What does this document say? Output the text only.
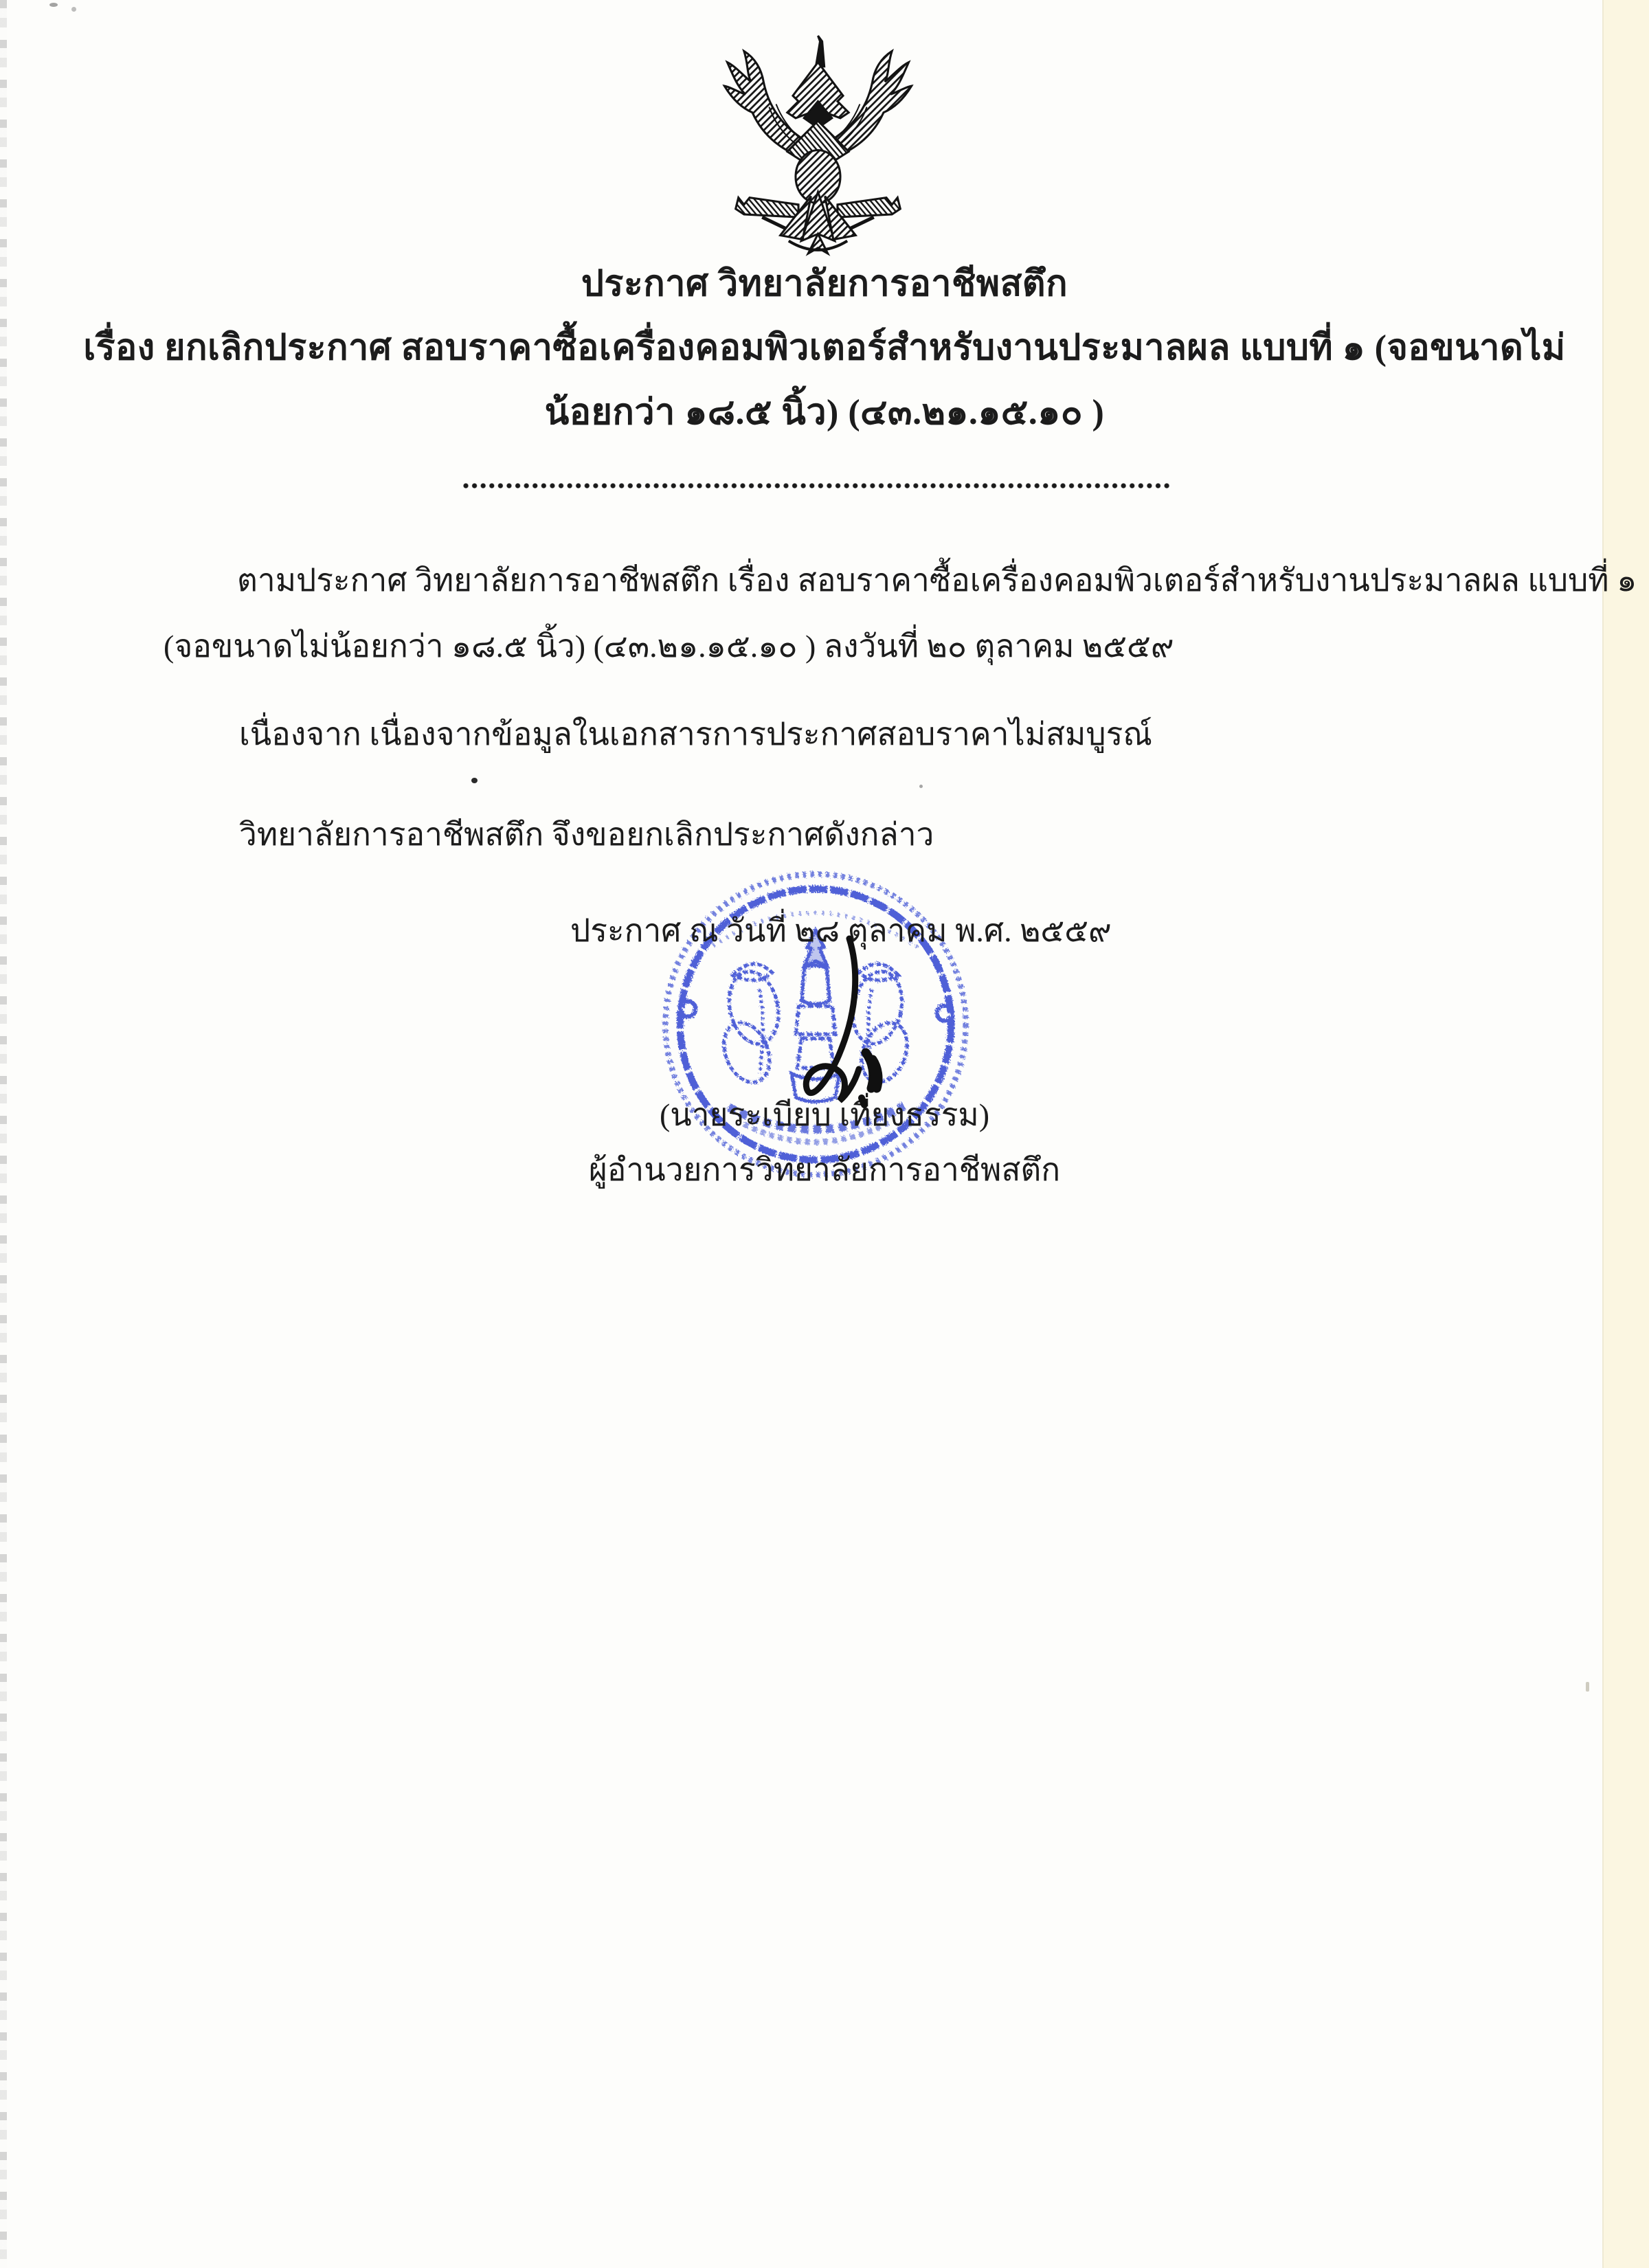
ประกาศ วิทยาลัยการอาชีพสตึก
เรื่อง ยกเลิกประกาศ สอบราคาซื้อเครื่องคอมพิวเตอร์สำหรับงานประมาลผล แบบที่ ๑ (จอขนาดไม่
น้อยกว่า ๑๘.๕ นิ้ว) (๔๓.๒๑.๑๕.๑๐ )
ตามประกาศ วิทยาลัยการอาชีพสตึก เรื่อง สอบราคาซื้อเครื่องคอมพิวเตอร์สำหรับงานประมาลผล แบบที่ ๑
(จอขนาดไม่น้อยกว่า ๑๘.๕ นิ้ว) (๔๓.๒๑.๑๕.๑๐ ) ลงวันที่ ๒๐ ตุลาคม ๒๕๕๙
เนื่องจาก เนื่องจากข้อมูลในเอกสารการประกาศสอบราคาไม่สมบูรณ์
วิทยาลัยการอาชีพสตึก จึงขอยกเลิกประกาศดังกล่าว
ประกาศ ณ วันที่ ๒๘ ตุลาคม พ.ศ. ๒๕๕๙
(นายระเบียบ เที่ยงธรรม)
ผู้อำนวยการวิทยาลัยการอาชีพสตึก
